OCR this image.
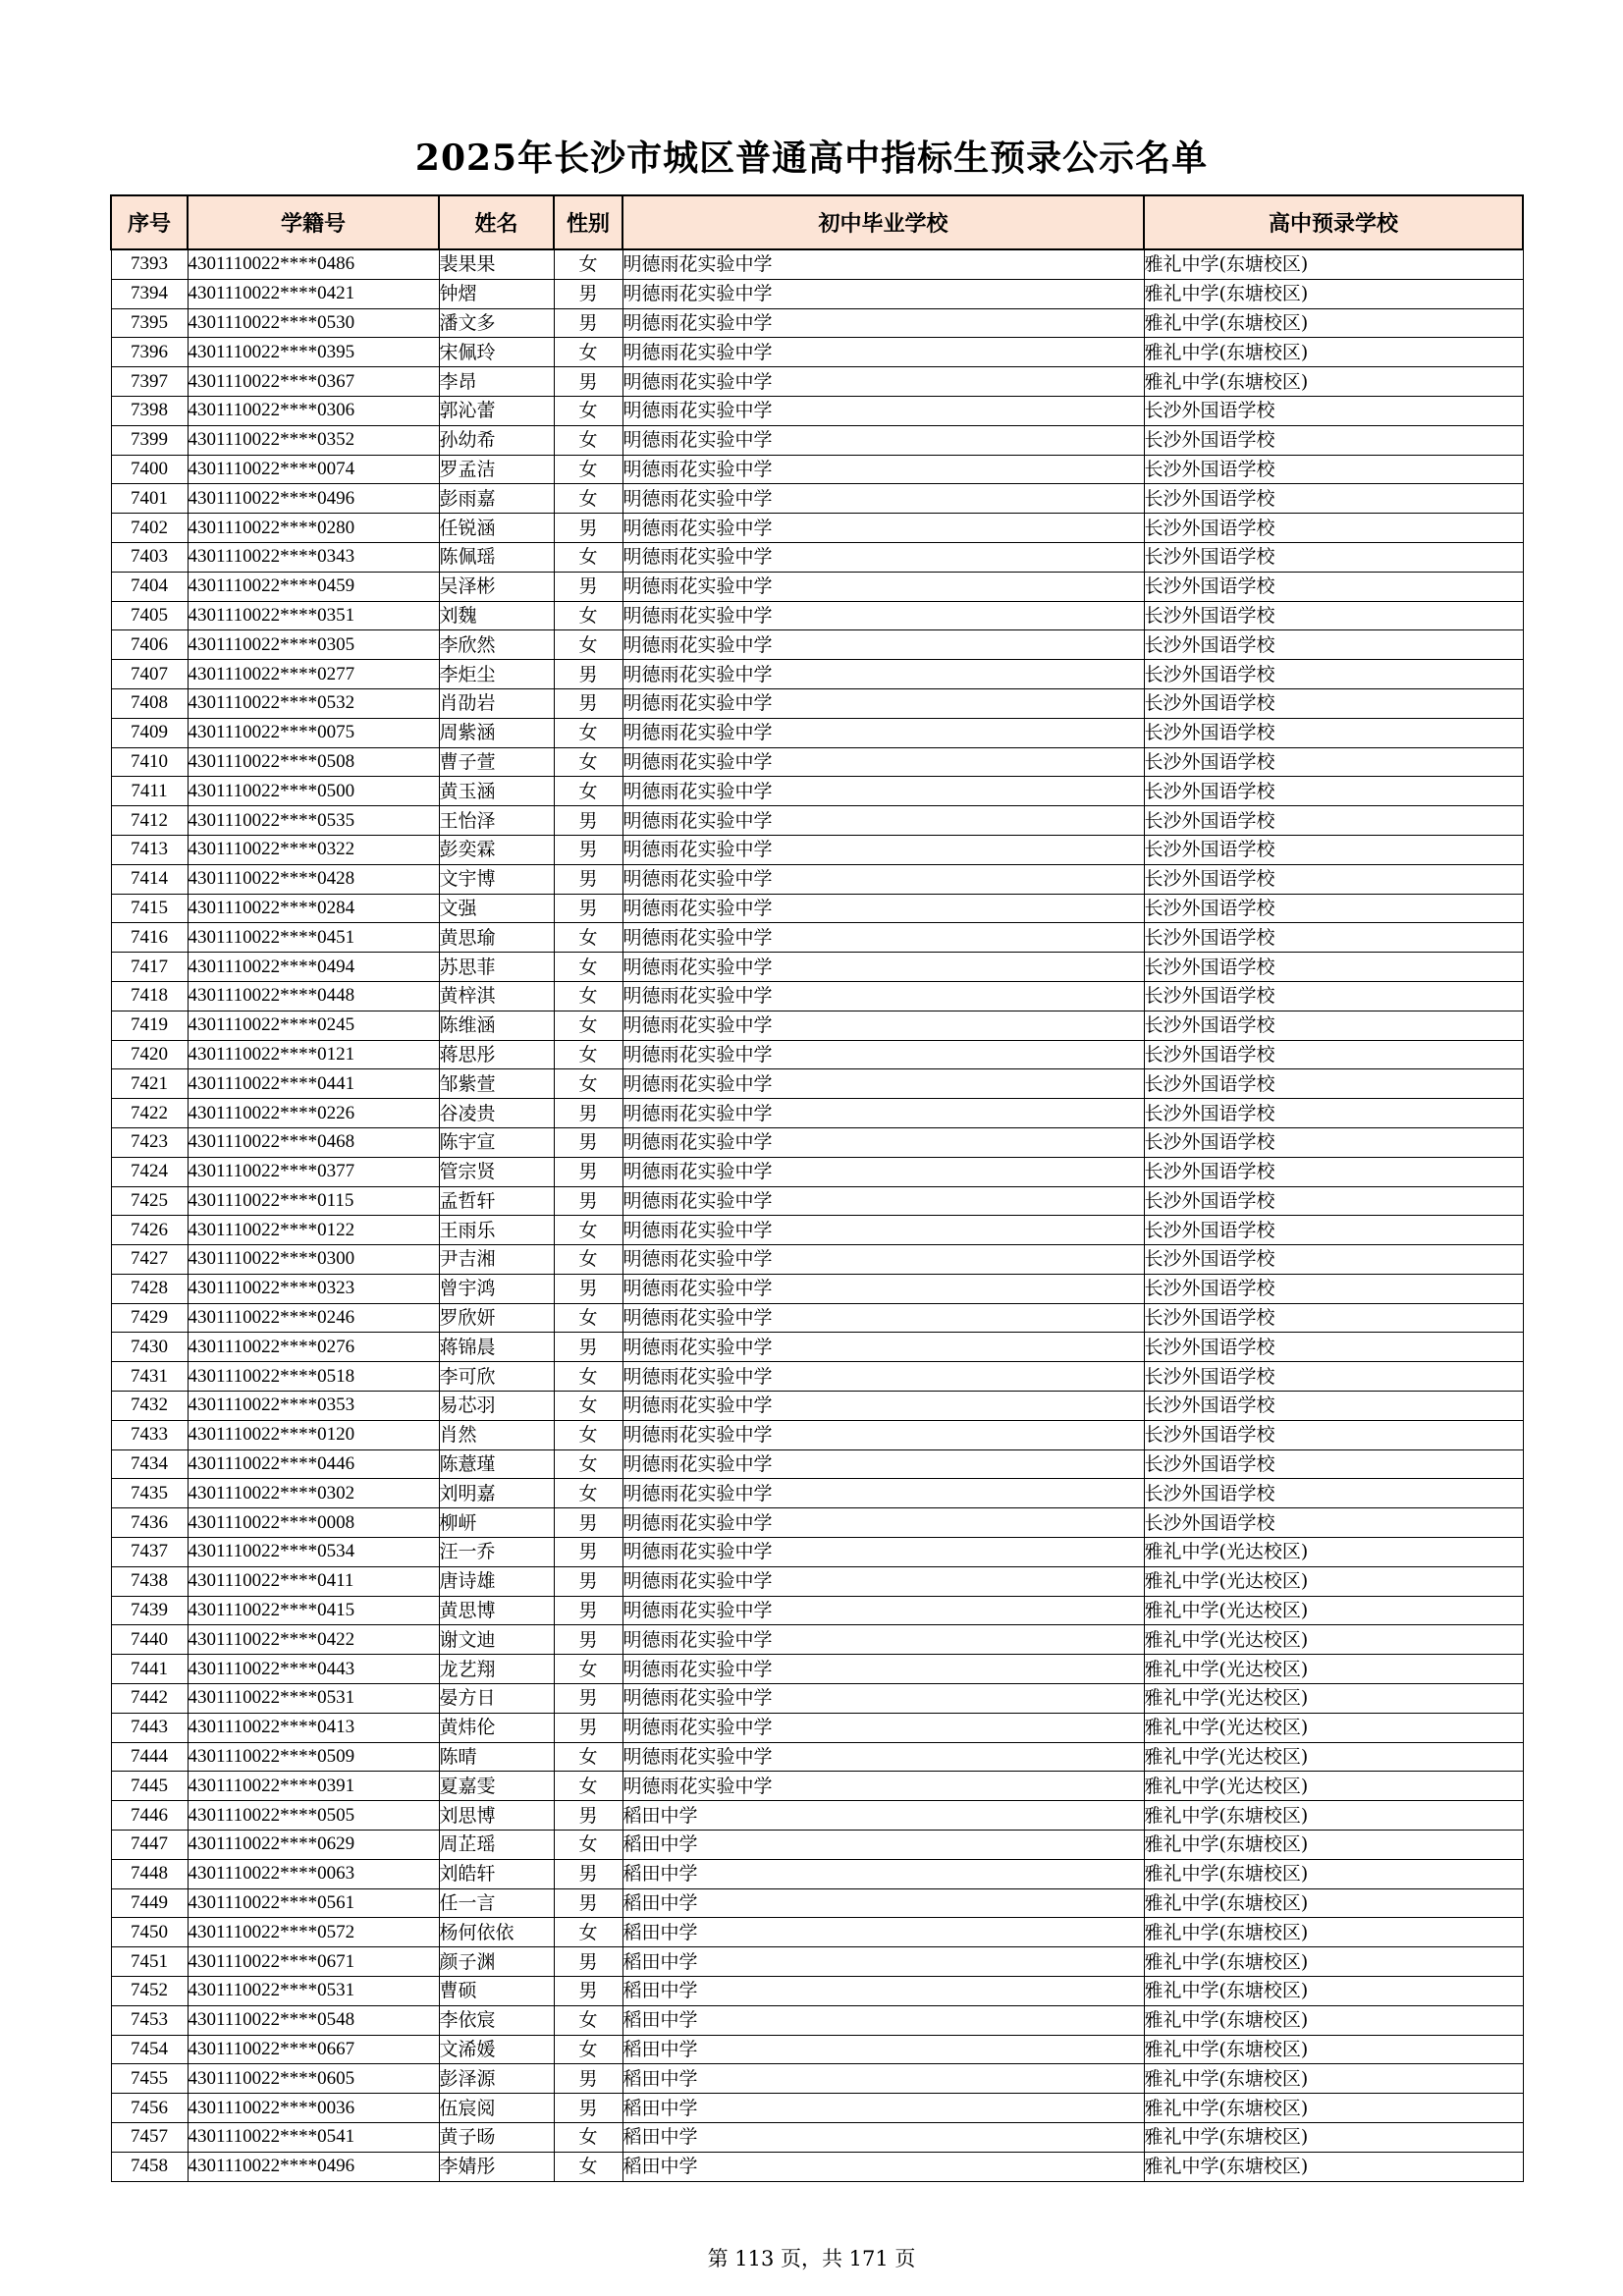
2025年长沙市城区普通高中指标生预录公示名单
序号	学籍号	姓名	性别	初中毕业学校	高中预录学校
7393	4301110022****0486	裴果果	女	明德雨花实验中学	雅礼中学(东塘校区)
7394	4301110022****0421	钟熠	男	明德雨花实验中学	雅礼中学(东塘校区)
7395	4301110022****0530	潘文多	男	明德雨花实验中学	雅礼中学(东塘校区)
7396	4301110022****0395	宋佩玲	女	明德雨花实验中学	雅礼中学(东塘校区)
7397	4301110022****0367	李昂	男	明德雨花实验中学	雅礼中学(东塘校区)
7398	4301110022****0306	郭沁蕾	女	明德雨花实验中学	长沙外国语学校
7399	4301110022****0352	孙幼希	女	明德雨花实验中学	长沙外国语学校
7400	4301110022****0074	罗孟洁	女	明德雨花实验中学	长沙外国语学校
7401	4301110022****0496	彭雨嘉	女	明德雨花实验中学	长沙外国语学校
7402	4301110022****0280	任锐涵	男	明德雨花实验中学	长沙外国语学校
7403	4301110022****0343	陈佩瑶	女	明德雨花实验中学	长沙外国语学校
7404	4301110022****0459	吴泽彬	男	明德雨花实验中学	长沙外国语学校
7405	4301110022****0351	刘魏	女	明德雨花实验中学	长沙外国语学校
7406	4301110022****0305	李欣然	女	明德雨花实验中学	长沙外国语学校
7407	4301110022****0277	李炬尘	男	明德雨花实验中学	长沙外国语学校
7408	4301110022****0532	肖劭岩	男	明德雨花实验中学	长沙外国语学校
7409	4301110022****0075	周紫涵	女	明德雨花实验中学	长沙外国语学校
7410	4301110022****0508	曹子萱	女	明德雨花实验中学	长沙外国语学校
7411	4301110022****0500	黄玉涵	女	明德雨花实验中学	长沙外国语学校
7412	4301110022****0535	王怡泽	男	明德雨花实验中学	长沙外国语学校
7413	4301110022****0322	彭奕霖	男	明德雨花实验中学	长沙外国语学校
7414	4301110022****0428	文宇博	男	明德雨花实验中学	长沙外国语学校
7415	4301110022****0284	文强	男	明德雨花实验中学	长沙外国语学校
7416	4301110022****0451	黄思瑜	女	明德雨花实验中学	长沙外国语学校
7417	4301110022****0494	苏思菲	女	明德雨花实验中学	长沙外国语学校
7418	4301110022****0448	黄梓淇	女	明德雨花实验中学	长沙外国语学校
7419	4301110022****0245	陈维涵	女	明德雨花实验中学	长沙外国语学校
7420	4301110022****0121	蒋思彤	女	明德雨花实验中学	长沙外国语学校
7421	4301110022****0441	邹紫萱	女	明德雨花实验中学	长沙外国语学校
7422	4301110022****0226	谷凌贵	男	明德雨花实验中学	长沙外国语学校
7423	4301110022****0468	陈宇宣	男	明德雨花实验中学	长沙外国语学校
7424	4301110022****0377	管宗贤	男	明德雨花实验中学	长沙外国语学校
7425	4301110022****0115	孟哲轩	男	明德雨花实验中学	长沙外国语学校
7426	4301110022****0122	王雨乐	女	明德雨花实验中学	长沙外国语学校
7427	4301110022****0300	尹吉湘	女	明德雨花实验中学	长沙外国语学校
7428	4301110022****0323	曾宇鸿	男	明德雨花实验中学	长沙外国语学校
7429	4301110022****0246	罗欣妍	女	明德雨花实验中学	长沙外国语学校
7430	4301110022****0276	蒋锦晨	男	明德雨花实验中学	长沙外国语学校
7431	4301110022****0518	李可欣	女	明德雨花实验中学	长沙外国语学校
7432	4301110022****0353	易芯羽	女	明德雨花实验中学	长沙外国语学校
7433	4301110022****0120	肖然	女	明德雨花实验中学	长沙外国语学校
7434	4301110022****0446	陈薏瑾	女	明德雨花实验中学	长沙外国语学校
7435	4301110022****0302	刘明嘉	女	明德雨花实验中学	长沙外国语学校
7436	4301110022****0008	柳岍	男	明德雨花实验中学	长沙外国语学校
7437	4301110022****0534	汪一乔	男	明德雨花实验中学	雅礼中学(光达校区)
7438	4301110022****0411	唐诗雄	男	明德雨花实验中学	雅礼中学(光达校区)
7439	4301110022****0415	黄思博	男	明德雨花实验中学	雅礼中学(光达校区)
7440	4301110022****0422	谢文迪	男	明德雨花实验中学	雅礼中学(光达校区)
7441	4301110022****0443	龙艺翔	女	明德雨花实验中学	雅礼中学(光达校区)
7442	4301110022****0531	晏方日	男	明德雨花实验中学	雅礼中学(光达校区)
7443	4301110022****0413	黄炜伦	男	明德雨花实验中学	雅礼中学(光达校区)
7444	4301110022****0509	陈晴	女	明德雨花实验中学	雅礼中学(光达校区)
7445	4301110022****0391	夏嘉雯	女	明德雨花实验中学	雅礼中学(光达校区)
7446	4301110022****0505	刘思博	男	稻田中学	雅礼中学(东塘校区)
7447	4301110022****0629	周芷瑶	女	稻田中学	雅礼中学(东塘校区)
7448	4301110022****0063	刘皓轩	男	稻田中学	雅礼中学(东塘校区)
7449	4301110022****0561	任一言	男	稻田中学	雅礼中学(东塘校区)
7450	4301110022****0572	杨何依依	女	稻田中学	雅礼中学(东塘校区)
7451	4301110022****0671	颜子渊	男	稻田中学	雅礼中学(东塘校区)
7452	4301110022****0531	曹硕	男	稻田中学	雅礼中学(东塘校区)
7453	4301110022****0548	李依宸	女	稻田中学	雅礼中学(东塘校区)
7454	4301110022****0667	文浠媛	女	稻田中学	雅礼中学(东塘校区)
7455	4301110022****0605	彭泽源	男	稻田中学	雅礼中学(东塘校区)
7456	4301110022****0036	伍宸阅	男	稻田中学	雅礼中学(东塘校区)
7457	4301110022****0541	黄子旸	女	稻田中学	雅礼中学(东塘校区)
7458	4301110022****0496	李婧彤	女	稻田中学	雅礼中学(东塘校区)
第 113 页，共 171 页
